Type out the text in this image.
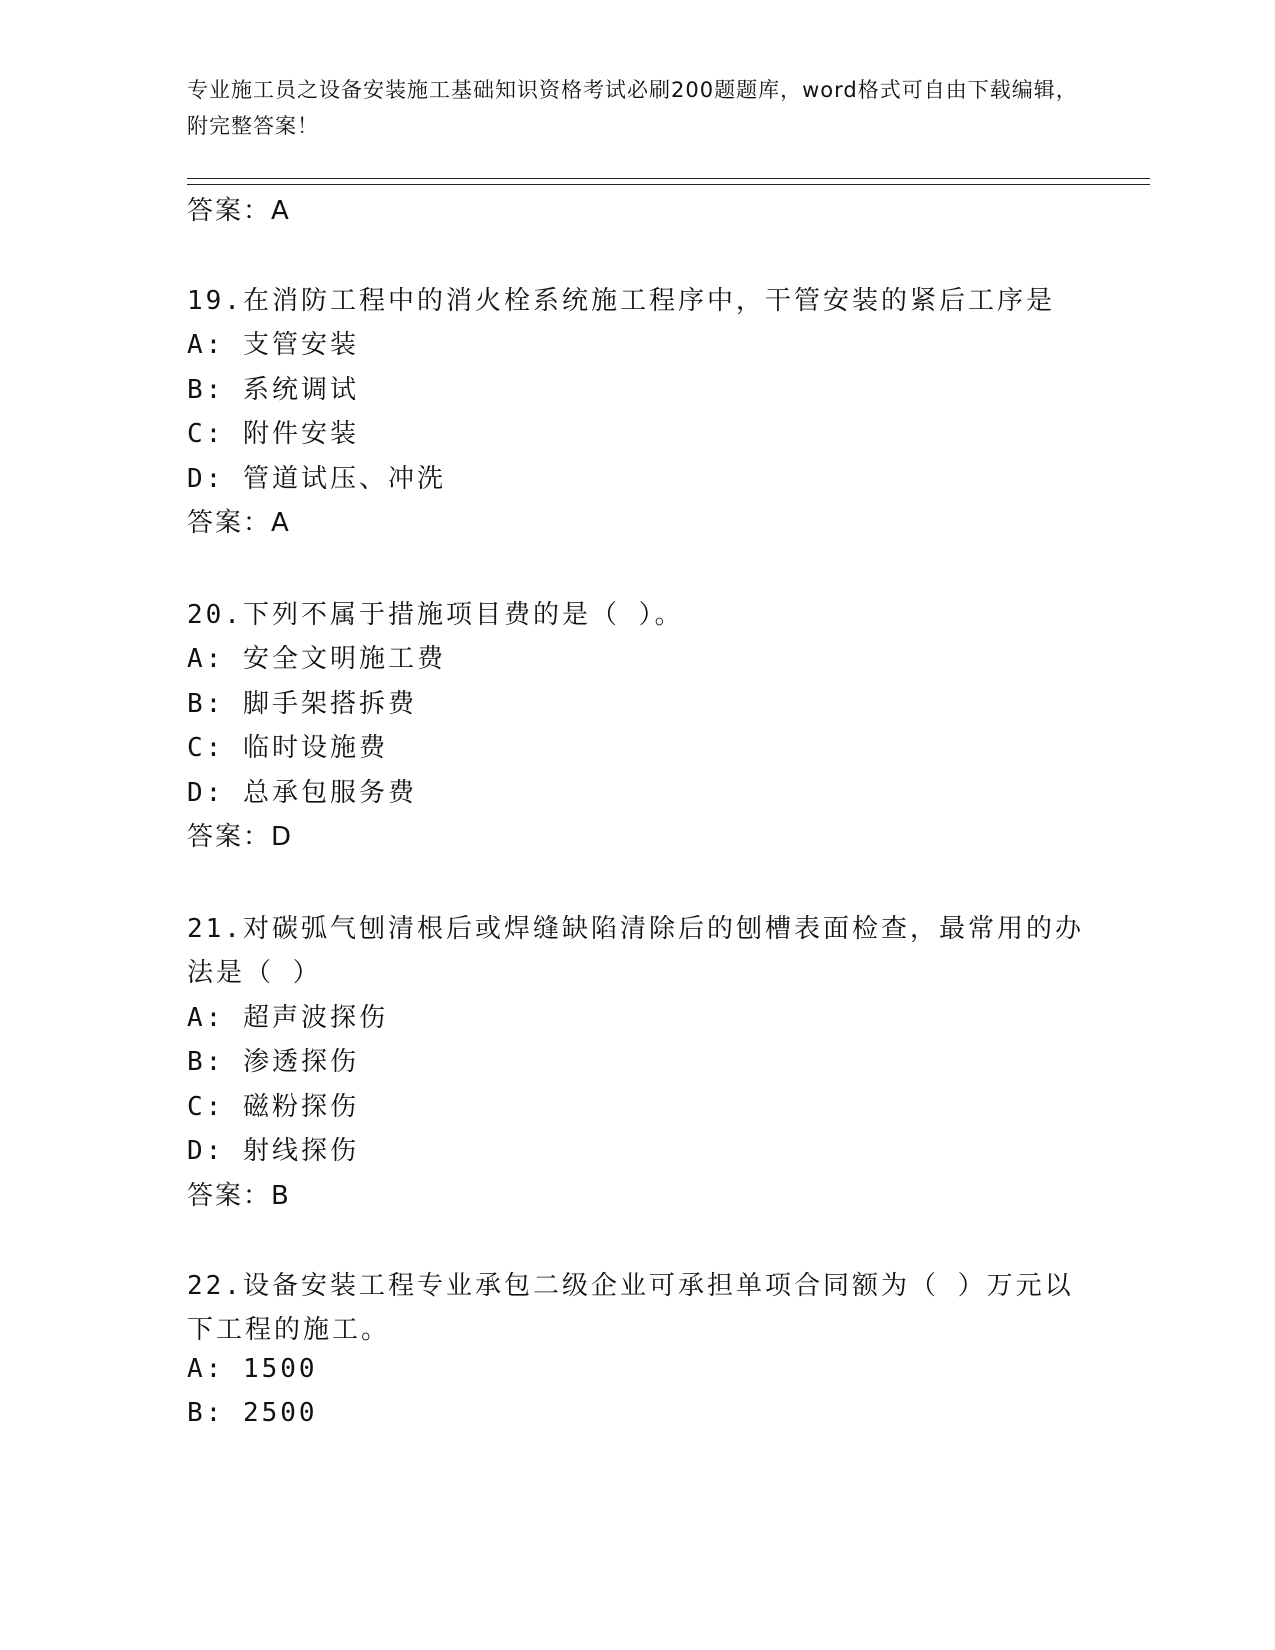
专业施工员之设备安装施工基础知识资格考试必刷200题题库，word格式可自由下载编辑，附完整答案！
答案：A
19.在消防工程中的消火栓系统施工程序中，干管安装的紧后工序是
A: 支管安装
B: 系统调试
C: 附件安装
D: 管道试压、冲洗
答案：A
20.下列不属于措施项目费的是（ ）。
A: 安全文明施工费
B: 脚手架搭拆费
C: 临时设施费
D: 总承包服务费
答案：D
21.对碳弧气刨清根后或焊缝缺陷清除后的刨槽表面检查，最常用的办
法是（ ）
A: 超声波探伤
B: 渗透探伤
C: 磁粉探伤
D: 射线探伤
答案：B
22.设备安装工程专业承包二级企业可承担单项合同额为（ ）万元以
下工程的施工。
A: 1500
B: 2500
